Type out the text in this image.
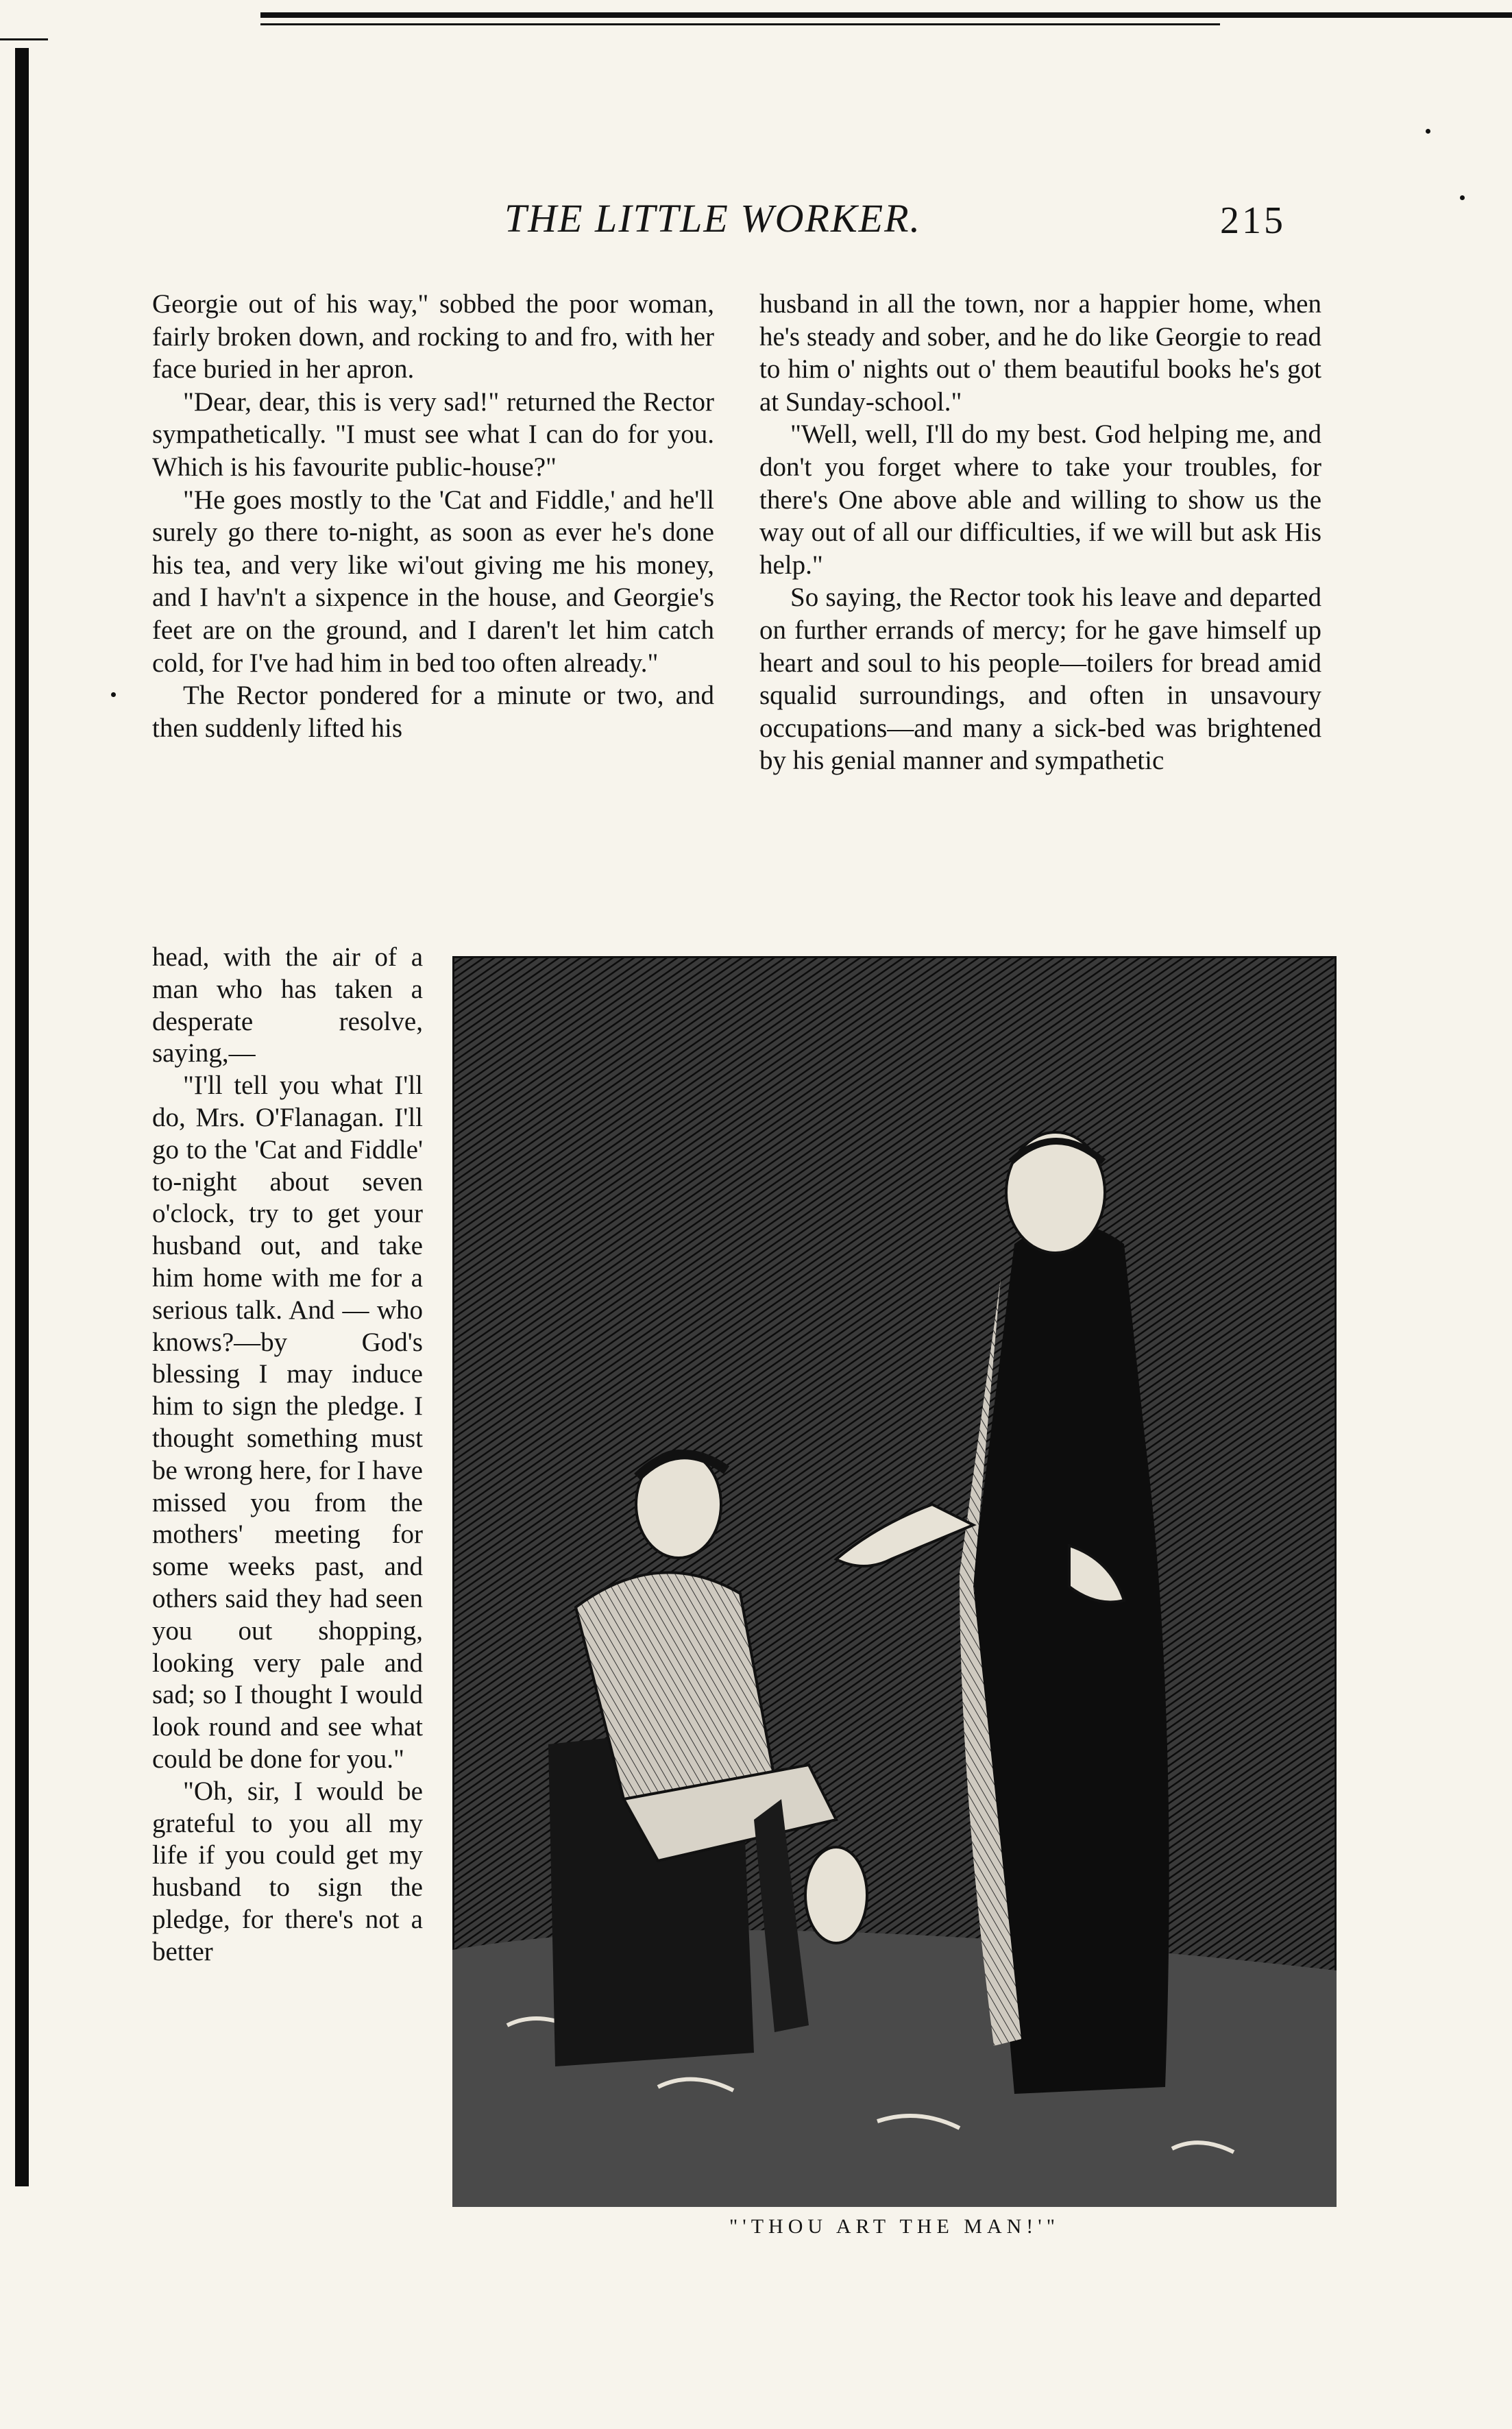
THE LITTLE WORKER.	215

Georgie out of his way," sobbed the poor woman, fairly broken down, and rocking to and fro, with her face buried in her apron.

"Dear, dear, this is very sad!" returned the Rector sympathetically. "I must see what I can do for you. Which is his favourite public-house?"

"He goes mostly to the 'Cat and Fiddle,' and he'll surely go there to-night, as soon as ever he's done his tea, and very like wi'out giving me his money, and I hav'n't a sixpence in the house, and Georgie's feet are on the ground, and I daren't let him catch cold, for I've had him in bed too often already."

The Rector pondered for a minute or two, and then suddenly lifted his

head, with the air of a man who has taken a desperate resolve, saying,—

"I'll tell you what I'll do, Mrs. O'Flanagan. I'll go to the 'Cat and Fiddle' to-night about seven o'clock, try to get your husband out, and take him home with me for a serious talk. And — who knows?—by God's blessing I may induce him to sign the pledge. I thought something must be wrong here, for I have missed you from the mothers' meeting for some weeks past, and others said they had seen you out shopping, looking very pale and sad; so I thought I would look round and see what could be done for you."

"Oh, sir, I would be grateful to you all my life if you could get my husband to sign the pledge, for there's not a better

husband in all the town, nor a happier home, when he's steady and sober, and he do like Georgie to read to him o' nights out o' them beautiful books he's got at Sunday-school."

"Well, well, I'll do my best. God helping me, and don't you forget where to take your troubles, for there's One above able and willing to show us the way out of all our difficulties, if we will but ask His help."

So saying, the Rector took his leave and departed on further errands of mercy; for he gave himself up heart and soul to his people—toilers for bread amid squalid surroundings, and often in unsavoury occupations—and many a sick-bed was brightened by his genial manner and sympathetic

"'THOU ART THE MAN!'"
